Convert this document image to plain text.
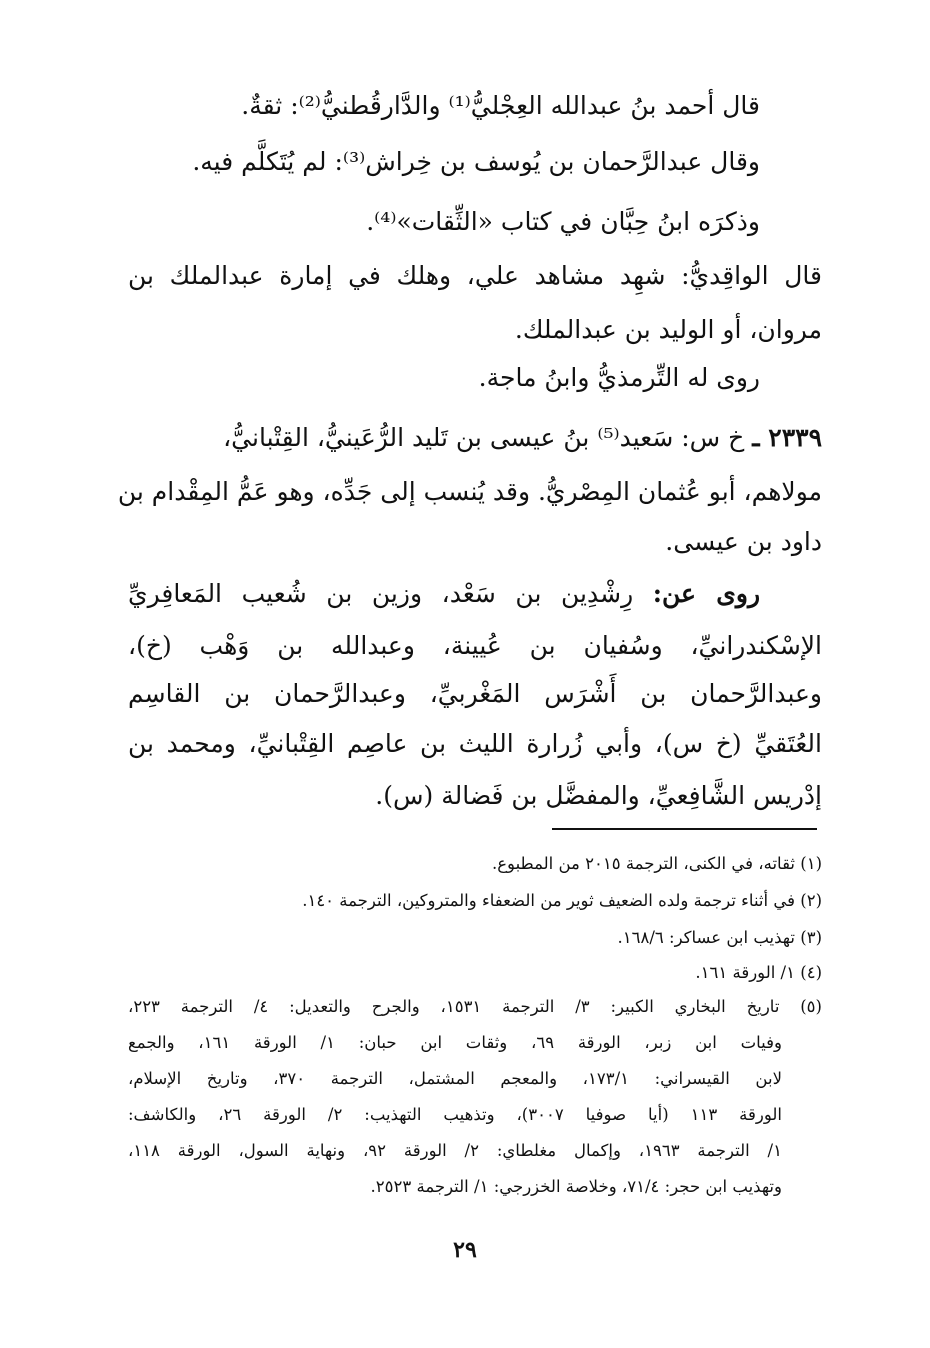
قال أحمد بنُ عبدالله العِجْليُّ⁽¹⁾ والدَّارقُطنيُّ⁽²⁾: ثقةٌ.
وقال عبدالرَّحمان بن يُوسف بن خِراش⁽³⁾: لم يُتَكلَّم فيه.
وذكرَه ابنُ حِبَّان في كتاب «الثِّقات»⁽⁴⁾.
قال الواقِديُّ: شهِد مشاهد علي، وهلك في إمارة عبدالملك بن
مروان، أو الوليد بن عبدالملك.
روى له التِّرمذيُّ وابنُ ماجة.
٢٣٣٩ ـ خ س: سَعيد⁽⁵⁾ بنُ عيسى بن تَليد الرُّعَينيُّ، القِتْبانيُّ،
مولاهم، أبو عُثمان المِصْريُّ. وقد يُنسب إلى جَدِّه، وهو عَمُّ المِقْدام بن
داود بن عيسى.
روى عن: رِشْدِين بن سَعْد، وزين بن شُعيب المَعافِريِّ
الإسْكندرانيِّ، وسُفيان بن عُيينة، وعبدالله بن وَهْب (خ)،
وعبدالرَّحمان بن أَشْرَس المَغْربيِّ، وعبدالرَّحمان بن القاسِم
العُتَقيِّ (خ س)، وأبي زُرارة الليث بن عاصِم القِتْبانيِّ، ومحمد بن
إدْريس الشَّافِعيِّ، والمفضَّل بن فَضالة (س).
(١) ثقاته، في الكنى، الترجمة ٢٠١٥ من المطبوع.
(٢) في أثناء ترجمة ولده الضعيف ثوير من الضعفاء والمتروكين، الترجمة ١٤٠.
(٣) تهذيب ابن عساكر: ١٦٨/٦.
(٤) ١/ الورقة ١٦١.
(٥) تاريخ البخاري الكبير: ٣/ الترجمة ١٥٣١، والجرح والتعديل: ٤/ الترجمة ٢٢٣،
وفيات ابن زبر، الورقة ٦٩، وثقات ابن حبان: ١/ الورقة ١٦١، والجمع
لابن القيسراني: ١٧٣/١، والمعجم المشتمل، الترجمة ٣٧٠، وتاريخ الإسلام،
الورقة ١١٣ (أيا صوفيا ٣٠٠٧)، وتذهيب التهذيب: ٢/ الورقة ٢٦، والكاشف:
١/ الترجمة ١٩٦٣، وإكمال مغلطاي: ٢/ الورقة ٩٢، ونهاية السول، الورقة ١١٨،
وتهذيب ابن حجر: ٧١/٤، وخلاصة الخزرجي: ١/ الترجمة ٢٥٢٣.
٢٩
